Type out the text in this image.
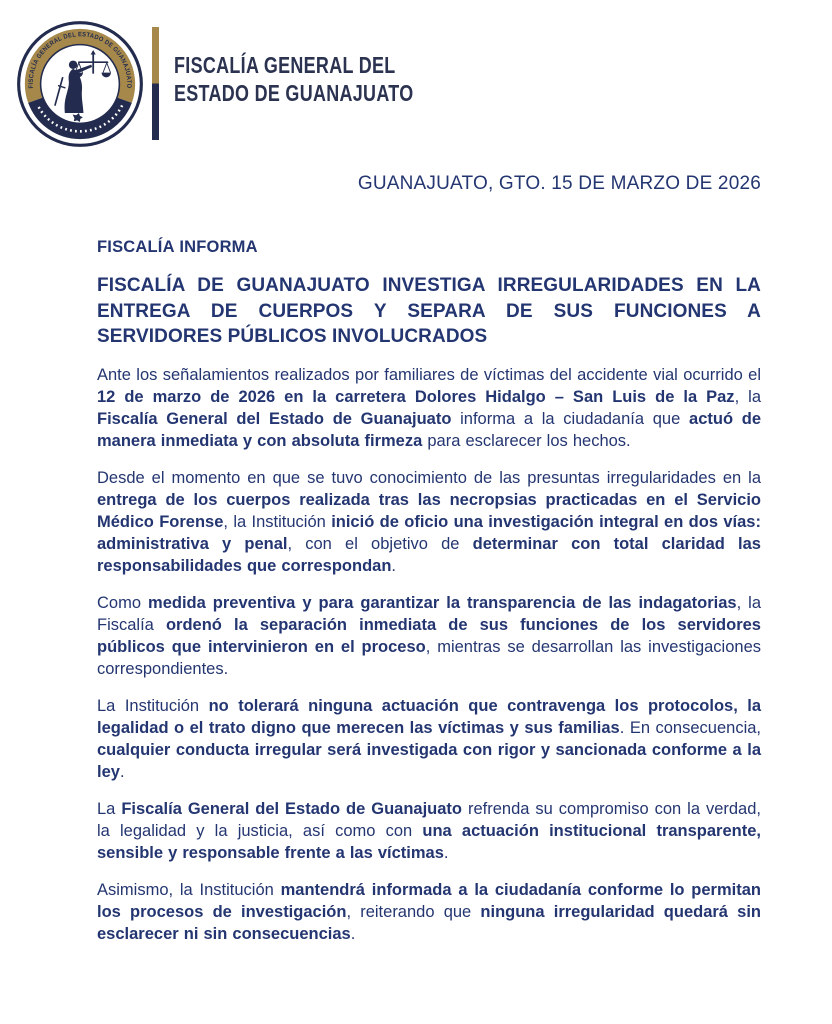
FISCALÍA GENERAL DEL ESTADO DE GUANAJUATO
FISCALÍA GENERAL DEL
ESTADO DE GUANAJUATO
GUANAJUATO, GTO. 15 DE MARZO DE 2026

FISCALÍA INFORMA

FISCALÍA DE GUANAJUATO INVESTIGA IRREGULARIDADES EN LA ENTREGA DE CUERPOS Y SEPARA DE SUS FUNCIONES A SERVIDORES PÚBLICOS INVOLUCRADOS

Ante los señalamientos realizados por familiares de víctimas del accidente vial ocurrido el 12 de marzo de 2026 en la carretera Dolores Hidalgo – San Luis de la Paz, la Fiscalía General del Estado de Guanajuato informa a la ciudadanía que actuó de manera inmediata y con absoluta firmeza para esclarecer los hechos.

Desde el momento en que se tuvo conocimiento de las presuntas irregularidades en la entrega de los cuerpos realizada tras las necropsias practicadas en el Servicio Médico Forense, la Institución inició de oficio una investigación integral en dos vías: administrativa y penal, con el objetivo de determinar con total claridad las responsabilidades que correspondan.

Como medida preventiva y para garantizar la transparencia de las indagatorias, la Fiscalía ordenó la separación inmediata de sus funciones de los servidores públicos que intervinieron en el proceso, mientras se desarrollan las investigaciones correspondientes.

La Institución no tolerará ninguna actuación que contravenga los protocolos, la legalidad o el trato digno que merecen las víctimas y sus familias. En consecuencia, cualquier conducta irregular será investigada con rigor y sancionada conforme a la ley.

La Fiscalía General del Estado de Guanajuato refrenda su compromiso con la verdad, la legalidad y la justicia, así como con una actuación institucional transparente, sensible y responsable frente a las víctimas.

Asimismo, la Institución mantendrá informada a la ciudadanía conforme lo permitan los procesos de investigación, reiterando que ninguna irregularidad quedará sin esclarecer ni sin consecuencias.
